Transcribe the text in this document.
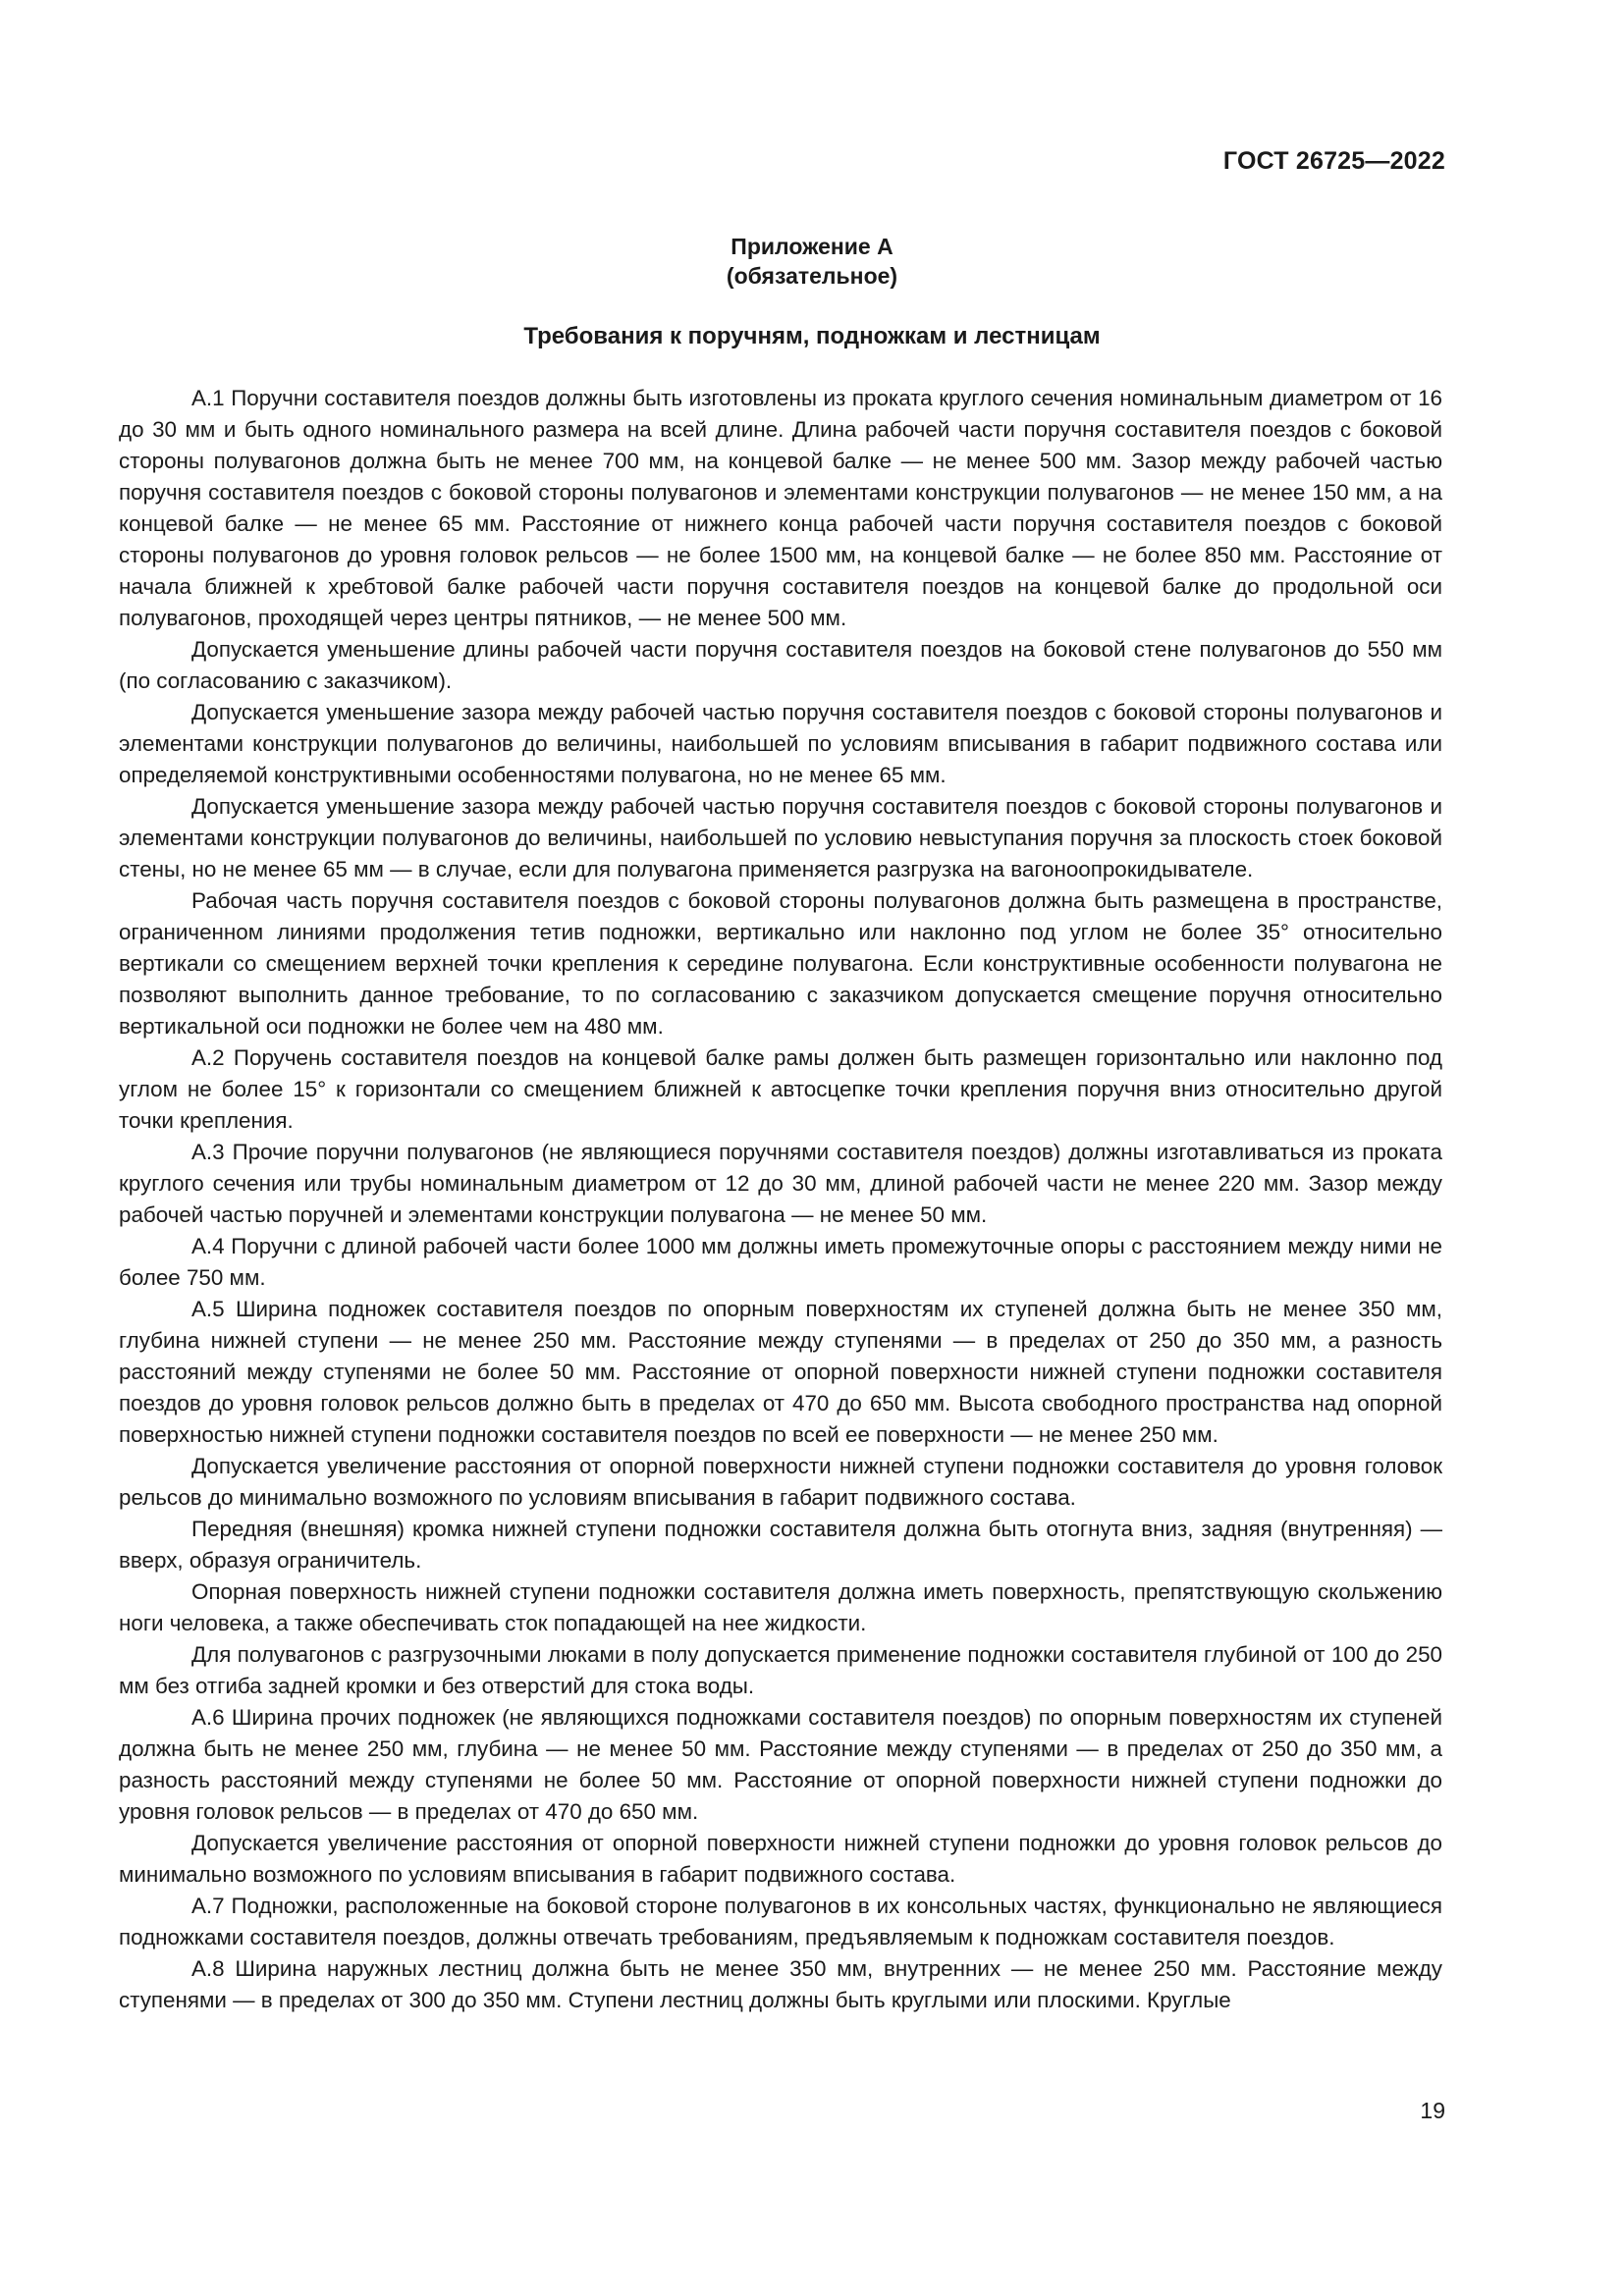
ГОСТ 26725—2022
Приложение А
(обязательное)
Требования к поручням, подножкам и лестницам

А.1 Поручни составителя поездов должны быть изготовлены из проката круглого сечения номинальным диаметром от 16 до 30 мм и быть одного номинального размера на всей длине. Длина рабочей части поручня составителя поездов с боковой стороны полувагонов должна быть не менее 700 мм, на концевой балке — не менее 500 мм. Зазор между рабочей частью поручня составителя поездов с боковой стороны полувагонов и элементами конструкции полувагонов — не менее 150 мм, а на концевой балке — не менее 65 мм. Расстояние от нижнего конца рабочей части поручня составителя поездов с боковой стороны полувагонов до уровня головок рельсов — не более 1500 мм, на концевой балке — не более 850 мм. Расстояние от начала ближней к хребтовой балке рабочей части поручня составителя поездов на концевой балке до продольной оси полувагонов, проходящей через центры пятников, — не менее 500 мм.

Допускается уменьшение длины рабочей части поручня составителя поездов на боковой стене полувагонов до 550 мм (по согласованию с заказчиком).

Допускается уменьшение зазора между рабочей частью поручня составителя поездов с боковой стороны полувагонов и элементами конструкции полувагонов до величины, наибольшей по условиям вписывания в габарит подвижного состава или определяемой конструктивными особенностями полувагона, но не менее 65 мм.

Допускается уменьшение зазора между рабочей частью поручня составителя поездов с боковой стороны полувагонов и элементами конструкции полувагонов до величины, наибольшей по условию невыступания поручня за плоскость стоек боковой стены, но не менее 65 мм — в случае, если для полувагона применяется разгрузка на вагоноопрокидывателе.

Рабочая часть поручня составителя поездов с боковой стороны полувагонов должна быть размещена в пространстве, ограниченном линиями продолжения тетив подножки, вертикально или наклонно под углом не более 35° относительно вертикали со смещением верхней точки крепления к середине полувагона. Если конструктивные особенности полувагона не позволяют выполнить данное требование, то по согласованию с заказчиком допускается смещение поручня относительно вертикальной оси подножки не более чем на 480 мм.

А.2 Поручень составителя поездов на концевой балке рамы должен быть размещен горизонтально или наклонно под углом не более 15° к горизонтали со смещением ближней к автосцепке точки крепления поручня вниз относительно другой точки крепления.

А.3 Прочие поручни полувагонов (не являющиеся поручнями составителя поездов) должны изготавливаться из проката круглого сечения или трубы номинальным диаметром от 12 до 30 мм, длиной рабочей части не менее 220 мм. Зазор между рабочей частью поручней и элементами конструкции полувагона — не менее 50 мм.

А.4 Поручни с длиной рабочей части более 1000 мм должны иметь промежуточные опоры с расстоянием между ними не более 750 мм.

А.5 Ширина подножек составителя поездов по опорным поверхностям их ступеней должна быть не менее 350 мм, глубина нижней ступени — не менее 250 мм. Расстояние между ступенями — в пределах от 250 до 350 мм, а разность расстояний между ступенями не более 50 мм. Расстояние от опорной поверхности нижней ступени подножки составителя поездов до уровня головок рельсов должно быть в пределах от 470 до 650 мм. Высота свободного пространства над опорной поверхностью нижней ступени подножки составителя поездов по всей ее поверхности — не менее 250 мм.

Допускается увеличение расстояния от опорной поверхности нижней ступени подножки составителя до уровня головок рельсов до минимально возможного по условиям вписывания в габарит подвижного состава.

Передняя (внешняя) кромка нижней ступени подножки составителя должна быть отогнута вниз, задняя (внутренняя) — вверх, образуя ограничитель.

Опорная поверхность нижней ступени подножки составителя должна иметь поверхность, препятствующую скольжению ноги человека, а также обеспечивать сток попадающей на нее жидкости.

Для полувагонов с разгрузочными люками в полу допускается применение подножки составителя глубиной от 100 до 250 мм без отгиба задней кромки и без отверстий для стока воды.

А.6 Ширина прочих подножек (не являющихся подножками составителя поездов) по опорным поверхностям их ступеней должна быть не менее 250 мм, глубина — не менее 50 мм. Расстояние между ступенями — в пределах от 250 до 350 мм, а разность расстояний между ступенями не более 50 мм. Расстояние от опорной поверхности нижней ступени подножки до уровня головок рельсов — в пределах от 470 до 650 мм.

Допускается увеличение расстояния от опорной поверхности нижней ступени подножки до уровня головок рельсов до минимально возможного по условиям вписывания в габарит подвижного состава.

А.7 Подножки, расположенные на боковой стороне полувагонов в их консольных частях, функционально не являющиеся подножками составителя поездов, должны отвечать требованиям, предъявляемым к подножкам составителя поездов.

А.8 Ширина наружных лестниц должна быть не менее 350 мм, внутренних — не менее 250 мм. Расстояние между ступенями — в пределах от 300 до 350 мм. Ступени лестниц должны быть круглыми или плоскими. Круглые

19
